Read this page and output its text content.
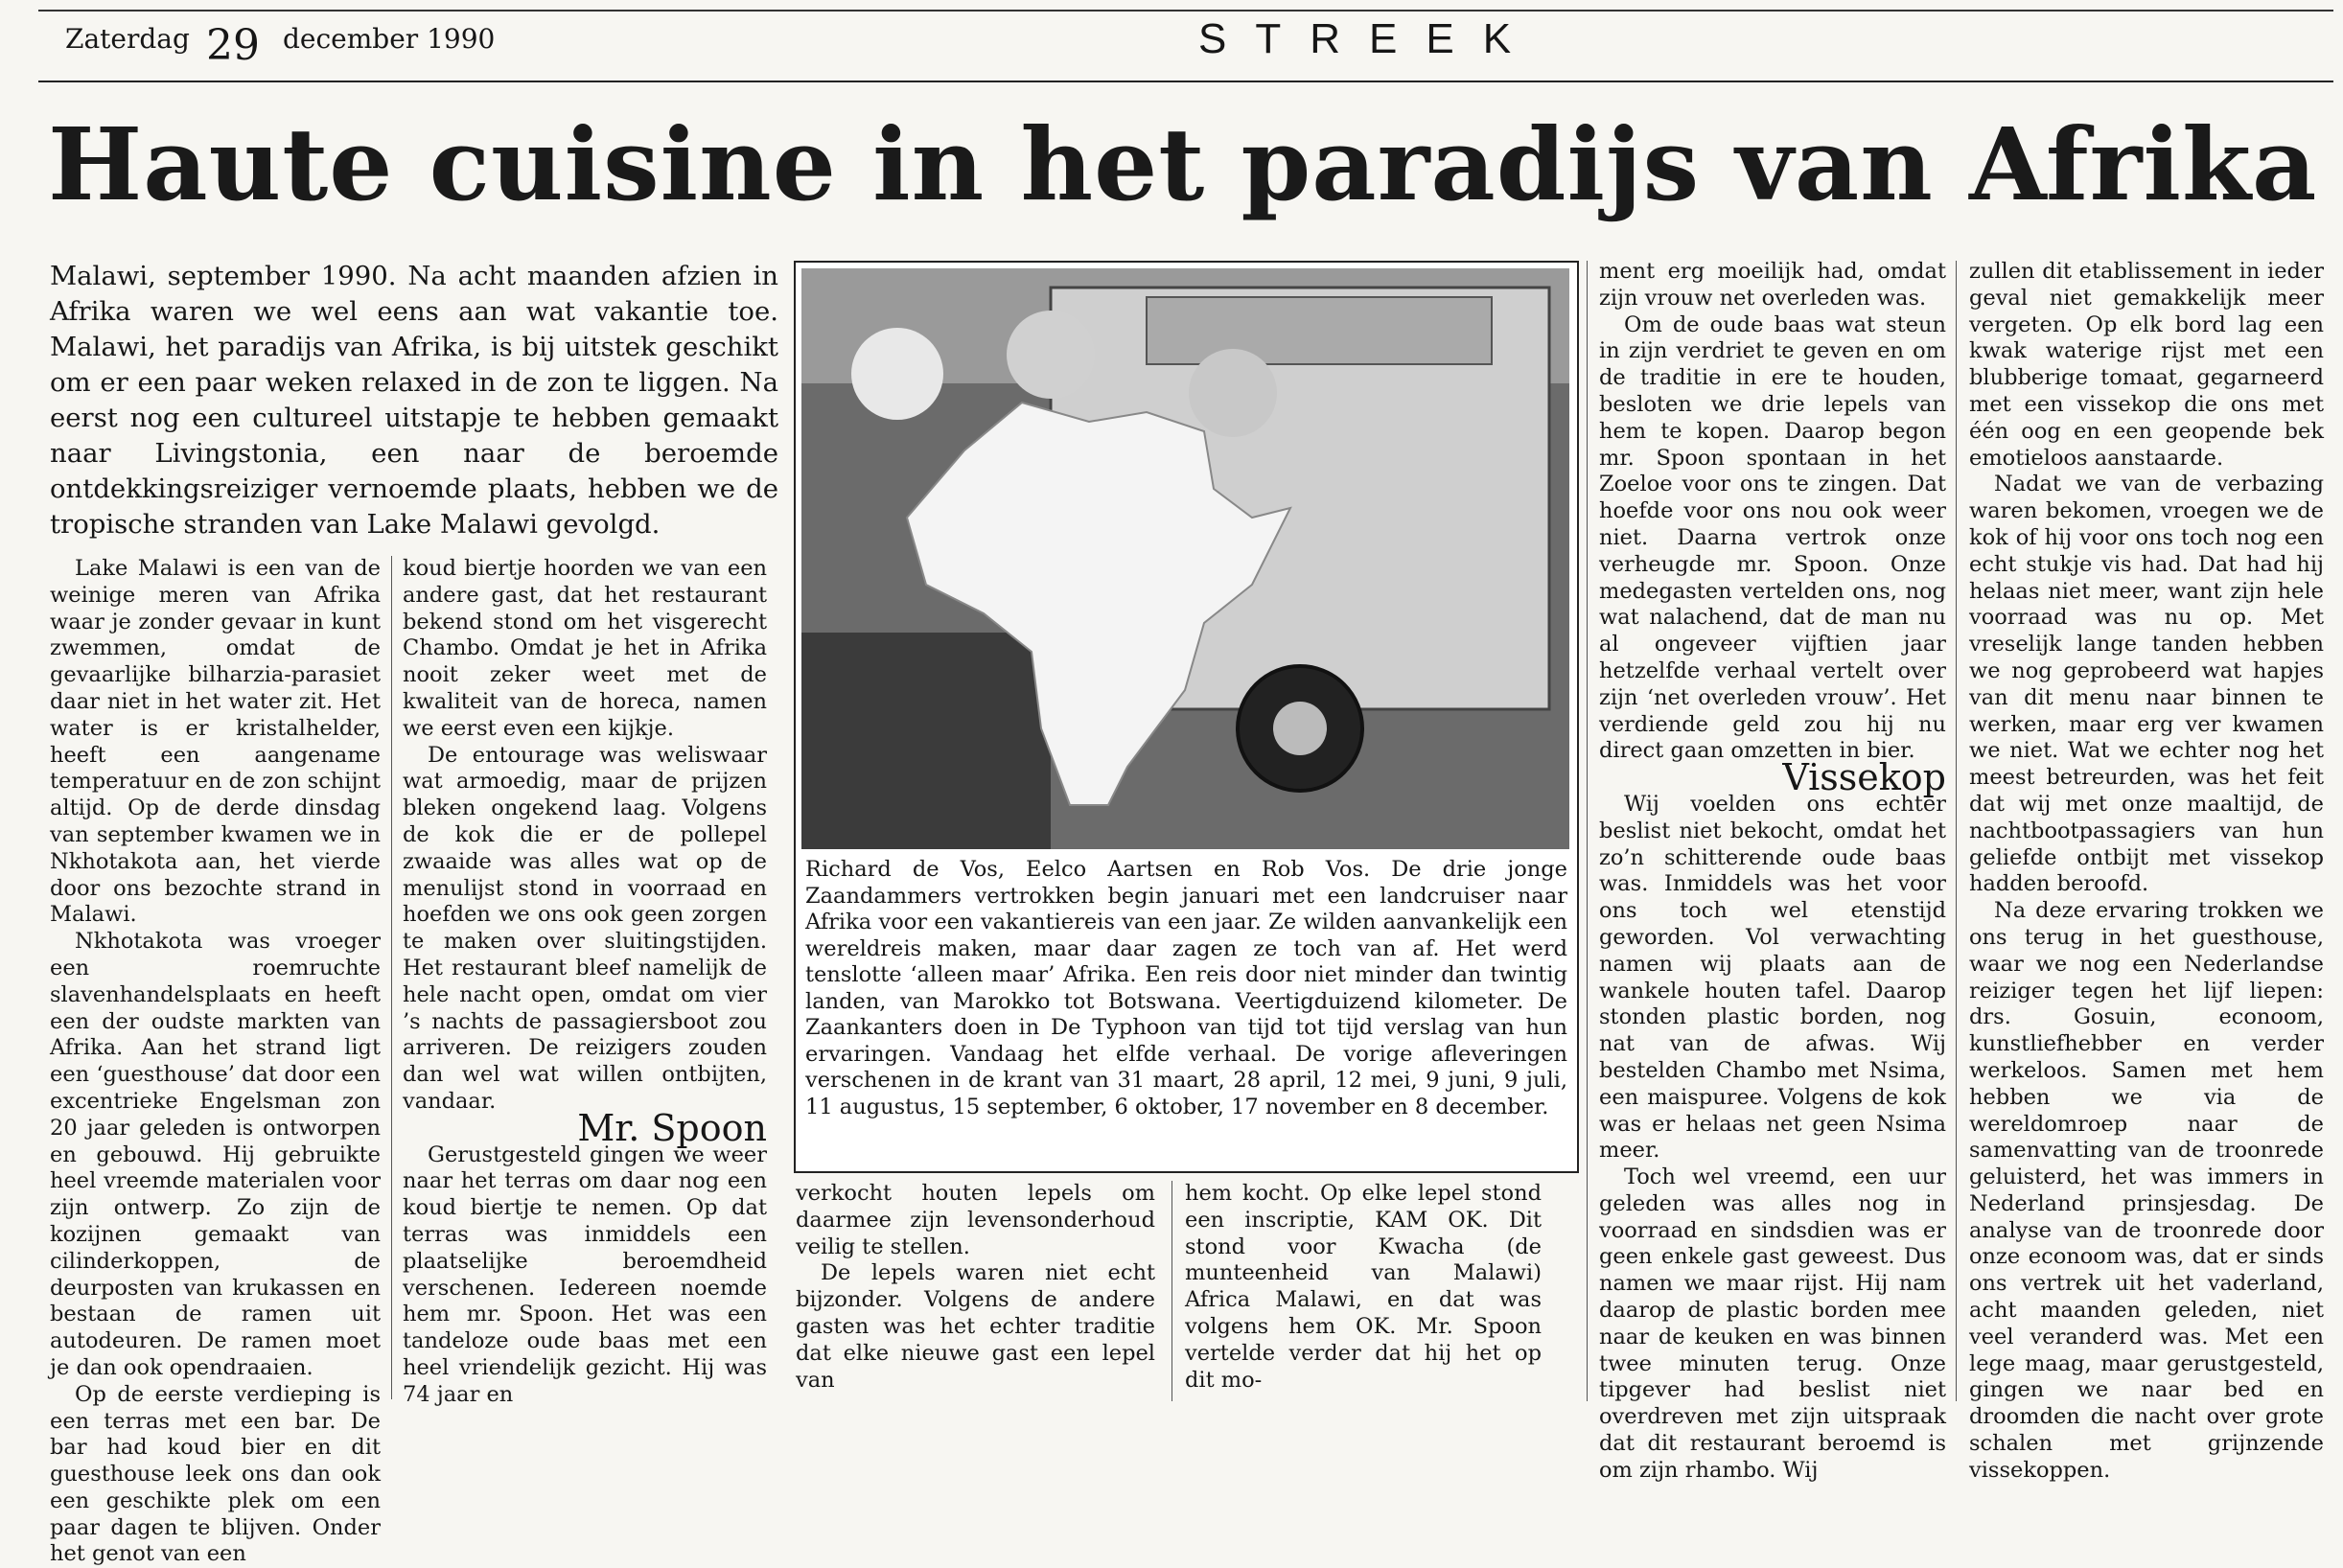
Zaterdag 29 december 1990	STREEK
Haute cuisine in het paradijs van Afrika
Malawi, september 1990. Na acht maanden afzien in Afrika waren we wel eens aan wat vakantie toe. Malawi, het paradijs van Afrika, is bij uitstek geschikt om er een paar weken relaxed in de zon te liggen. Na eerst nog een cultureel uitstapje te hebben gemaakt naar Livingstonia, een naar de beroemde ontdekkingsreiziger vernoemde plaats, hebben we de tropische stranden van Lake Malawi gevolgd.

Lake Malawi is een van de weinige meren van Afrika waar je zonder gevaar in kunt zwemmen, omdat de gevaarlijke bilharzia-parasiet daar niet in het water zit. Het water is er kristalhelder, heeft een aangename temperatuur en de zon schijnt altijd. Op de derde dinsdag van september kwamen we in Nkhotakota aan, het vierde door ons bezochte strand in Malawi.

Nkhotakota was vroeger een roemruchte slavenhandelsplaats en heeft een der oudste markten van Afrika. Aan het strand ligt een ‘guesthouse’ dat door een excentrieke Engelsman zon 20 jaar geleden is ontworpen en gebouwd. Hij gebruikte heel vreemde materialen voor zijn ontwerp. Zo zijn de kozijnen gemaakt van cilinderkoppen, de deurposten van krukassen en bestaan de ramen uit autodeuren. De ramen moet je dan ook opendraaien.

Op de eerste verdieping is een terras met een bar. De bar had koud bier en dit guesthouse leek ons dan ook een geschikte plek om een paar dagen te blijven. Onder het genot van een

koud biertje hoorden we van een andere gast, dat het restaurant bekend stond om het visgerecht Chambo. Omdat je het in Afrika nooit zeker weet met de kwaliteit van de horeca, namen we eerst even een kijkje.

De entourage was weliswaar wat armoedig, maar de prijzen bleken ongekend laag. Volgens de kok die er de pollepel zwaaide was alles wat op de menulijst stond in voorraad en hoefden we ons ook geen zorgen te maken over sluitingstijden. Het restaurant bleef namelijk de hele nacht open, omdat om vier ’s nachts de passagiersboot zou arriveren. De reizigers zouden dan wel wat willen ontbijten, vandaar.

Mr. Spoon

Gerustgesteld gingen we weer naar het terras om daar nog een koud biertje te nemen. Op dat terras was inmiddels een plaatselijke beroemdheid verschenen. Iedereen noemde hem mr. Spoon. Het was een tandeloze oude baas met een heel vriendelijk gezicht. Hij was 74 jaar en

Richard de Vos, Eelco Aartsen en Rob Vos. De drie jonge Zaandammers vertrokken begin januari met een landcruiser naar Afrika voor een vakantiereis van een jaar. Ze wilden aanvankelijk een wereldreis maken, maar daar zagen ze toch van af. Het werd tenslotte ‘alleen maar’ Afrika. Een reis door niet minder dan twintig landen, van Marokko tot Botswana. Veertigduizend kilometer. De Zaankanters doen in De Typhoon van tijd tot tijd verslag van hun ervaringen. Vandaag het elfde verhaal. De vorige afleveringen verschenen in de krant van 31 maart, 28 april, 12 mei, 9 juni, 9 juli, 11 augustus, 15 september, 6 oktober, 17 november en 8 december.

verkocht houten lepels om daarmee zijn levensonderhoud veilig te stellen.

De lepels waren niet echt bijzonder. Volgens de andere gasten was het echter traditie dat elke nieuwe gast een lepel van

hem kocht. Op elke lepel stond een inscriptie, KAM OK. Dit stond voor Kwacha (de munteenheid van Malawi) Africa Malawi, en dat was volgens hem OK. Mr. Spoon vertelde verder dat hij het op dit mo-

ment erg moeilijk had, omdat zijn vrouw net overleden was.

Om de oude baas wat steun in zijn verdriet te geven en om de traditie in ere te houden, besloten we drie lepels van hem te kopen. Daarop begon mr. Spoon spontaan in het Zoeloe voor ons te zingen. Dat hoefde voor ons nou ook weer niet. Daarna vertrok onze verheugde mr. Spoon. Onze medegasten vertelden ons, nog wat nalachend, dat de man nu al ongeveer vijftien jaar hetzelfde verhaal vertelt over zijn ‘net overleden vrouw’. Het verdiende geld zou hij nu direct gaan omzetten in bier.

Vissekop

Wij voelden ons echter beslist niet bekocht, omdat het zo’n schitterende oude baas was. Inmiddels was het voor ons toch wel etenstijd geworden. Vol verwachting namen wij plaats aan de wankele houten tafel. Daarop stonden plastic borden, nog nat van de afwas. Wij bestelden Chambo met Nsima, een maispuree. Volgens de kok was er helaas net geen Nsima meer.

Toch wel vreemd, een uur geleden was alles nog in voorraad en sindsdien was er geen enkele gast geweest. Dus namen we maar rijst. Hij nam daarop de plastic borden mee naar de keuken en was binnen twee minuten terug. Onze tipgever had beslist niet overdreven met zijn uitspraak dat dit restaurant beroemd is om zijn rhambo. Wij

zullen dit etablissement in ieder geval niet gemakkelijk meer vergeten. Op elk bord lag een kwak waterige rijst met een blubberige tomaat, gegarneerd met een vissekop die ons met één oog en een geopende bek emotieloos aanstaarde.

Nadat we van de verbazing waren bekomen, vroegen we de kok of hij voor ons toch nog een echt stukje vis had. Dat had hij helaas niet meer, want zijn hele voorraad was nu op. Met vreselijk lange tanden hebben we nog geprobeerd wat hapjes van dit menu naar binnen te werken, maar erg ver kwamen we niet. Wat we echter nog het meest betreurden, was het feit dat wij met onze maaltijd, de nachtbootpassagiers van hun geliefde ontbijt met vissekop hadden beroofd.

Na deze ervaring trokken we ons terug in het guesthouse, waar we nog een Nederlandse reiziger tegen het lijf liepen: drs. Gosuin, econoom, kunstliefhebber en verder werkeloos. Samen met hem hebben we via de wereldomroep naar de samenvatting van de troonrede geluisterd, het was immers in Nederland prinsjesdag. De analyse van de troonrede door onze econoom was, dat er sinds ons vertrek uit het vaderland, acht maanden geleden, niet veel veranderd was. Met een lege maag, maar gerustgesteld, gingen we naar bed en droomden die nacht over grote schalen met grijnzende vissekoppen.
